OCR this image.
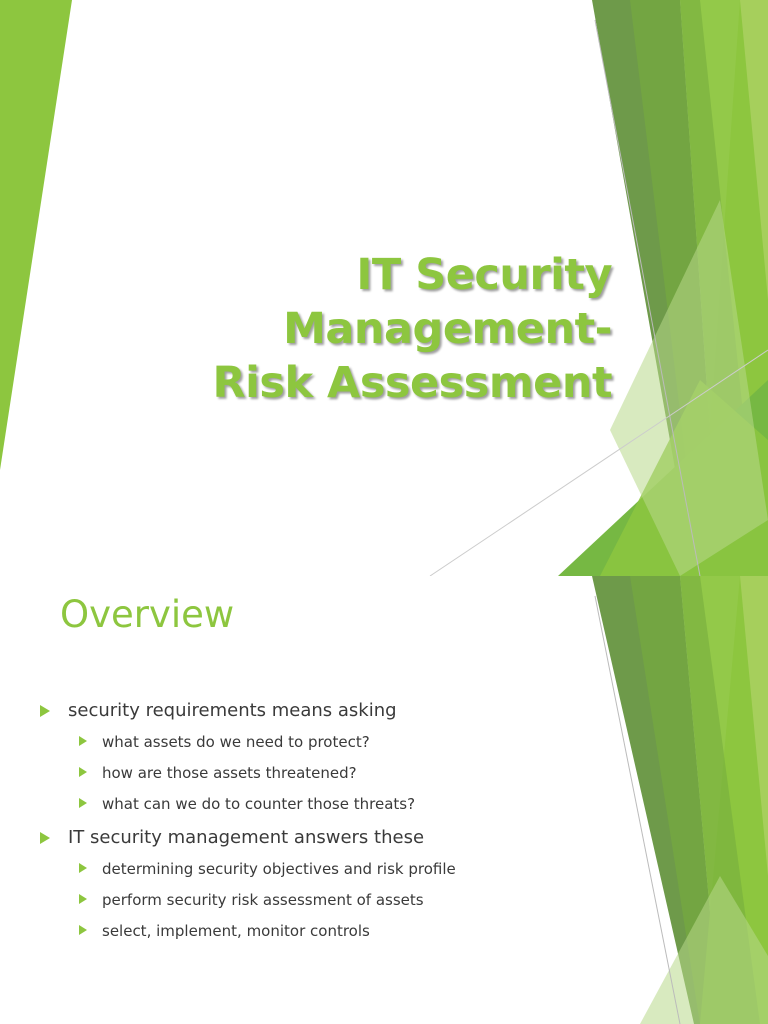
IT Security Management-
Risk Assessment
Overview
security requirements means asking
what assets do we need to protect?
how are those assets threatened?
what can we do to counter those threats?
IT security management answers these
determining security objectives and risk profile
perform security risk assessment of assets
select, implement, monitor controls
